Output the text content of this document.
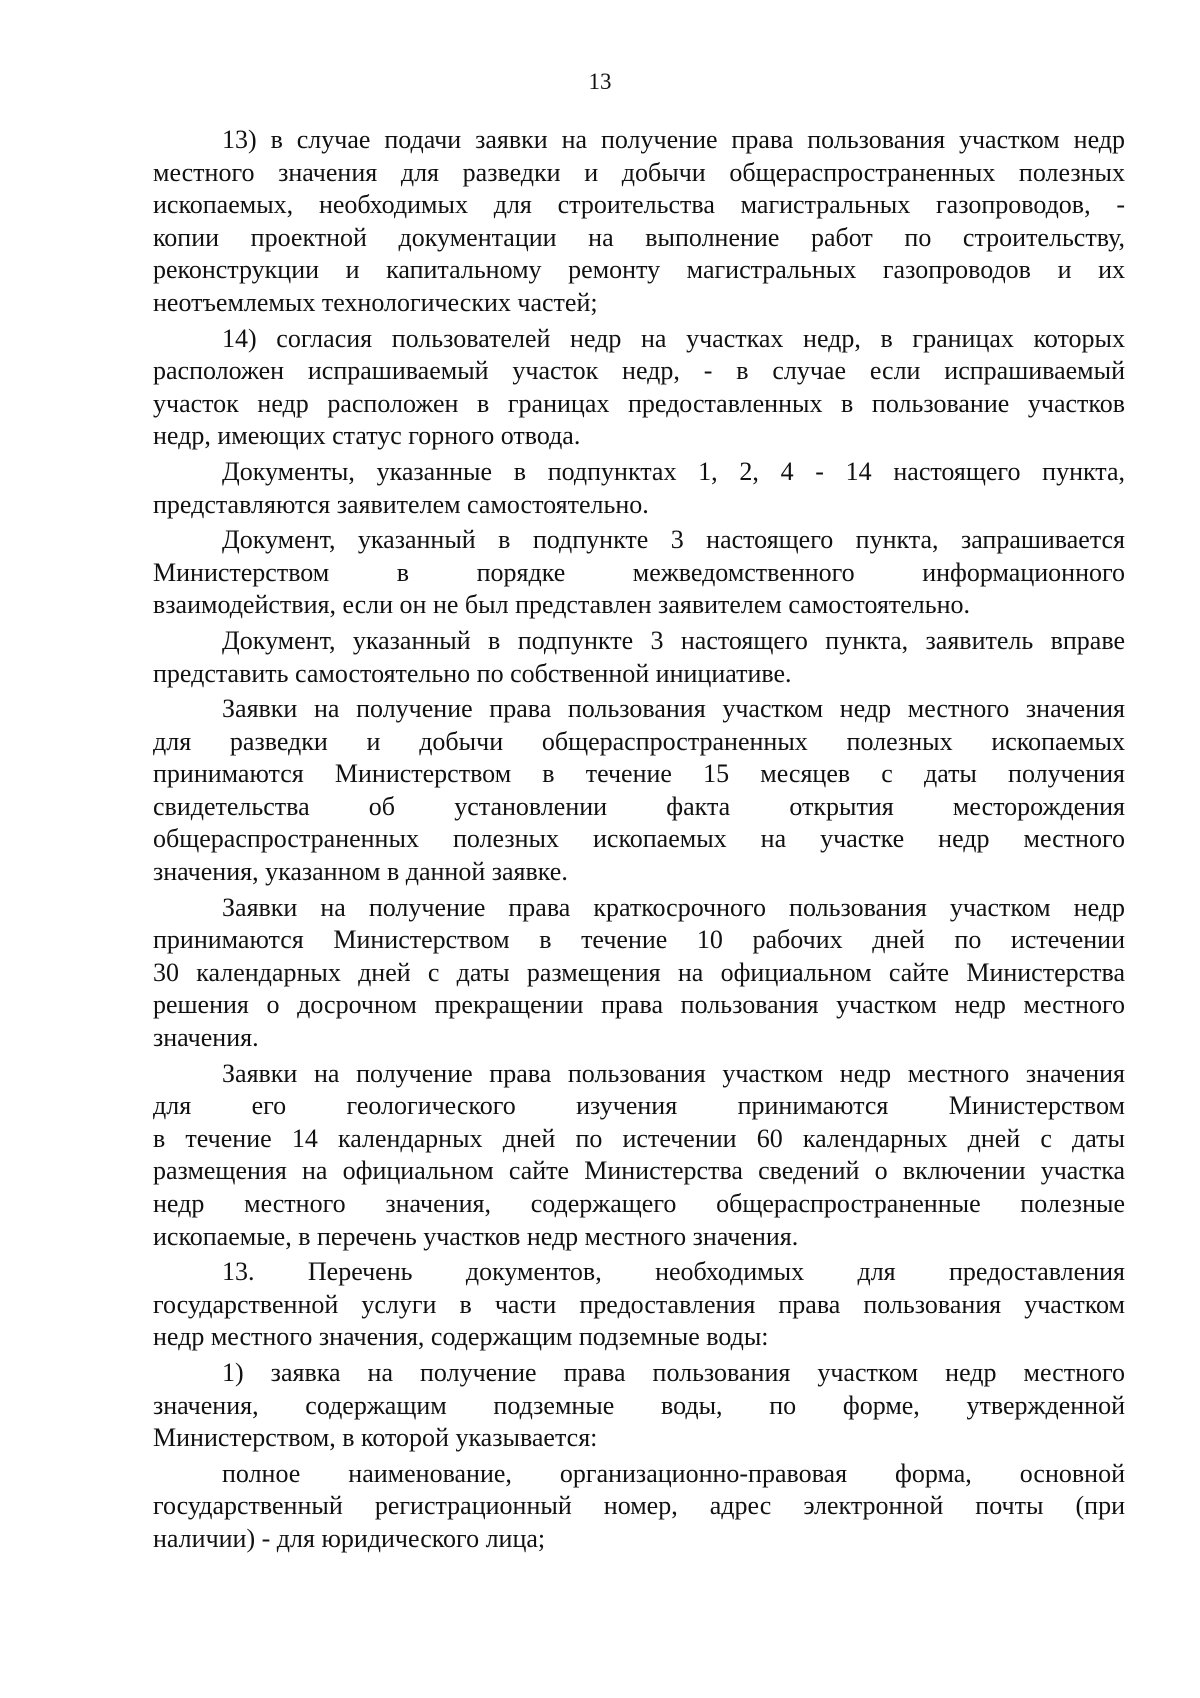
13
13) в случае подачи заявки на получение права пользования участком недр
местного значения для разведки и добычи общераспространенных полезных
ископаемых, необходимых для строительства магистральных газопроводов, -
копии проектной документации на выполнение работ по строительству,
реконструкции и капитальному ремонту магистральных газопроводов и их
неотъемлемых технологических частей;
14) согласия пользователей недр на участках недр, в границах которых
расположен испрашиваемый участок недр, - в случае если испрашиваемый
участок недр расположен в границах предоставленных в пользование участков
недр, имеющих статус горного отвода.
Документы, указанные в подпунктах 1, 2, 4 - 14 настоящего пункта,
представляются заявителем самостоятельно.
Документ, указанный в подпункте 3 настоящего пункта, запрашивается
Министерством в порядке межведомственного информационного
взаимодействия, если он не был представлен заявителем самостоятельно.
Документ, указанный в подпункте 3 настоящего пункта, заявитель вправе
представить самостоятельно по собственной инициативе.
Заявки на получение права пользования участком недр местного значения
для разведки и добычи общераспространенных полезных ископаемых
принимаются Министерством в течение 15 месяцев с даты получения
свидетельства об установлении факта открытия месторождения
общераспространенных полезных ископаемых на участке недр местного
значения, указанном в данной заявке.
Заявки на получение права краткосрочного пользования участком недр
принимаются Министерством в течение 10 рабочих дней по истечении
30 календарных дней с даты размещения на официальном сайте Министерства
решения о досрочном прекращении права пользования участком недр местного
значения.
Заявки на получение права пользования участком недр местного значения
для его геологического изучения принимаются Министерством
в течение 14 календарных дней по истечении 60 календарных дней с даты
размещения на официальном сайте Министерства сведений о включении участка
недр местного значения, содержащего общераспространенные полезные
ископаемые, в перечень участков недр местного значения.
13. Перечень документов, необходимых для предоставления
государственной услуги в части предоставления права пользования участком
недр местного значения, содержащим подземные воды:
1) заявка на получение права пользования участком недр местного
значения, содержащим подземные воды, по форме, утвержденной
Министерством, в которой указывается:
полное наименование, организационно-правовая форма, основной
государственный регистрационный номер, адрес электронной почты (при
наличии) - для юридического лица;
